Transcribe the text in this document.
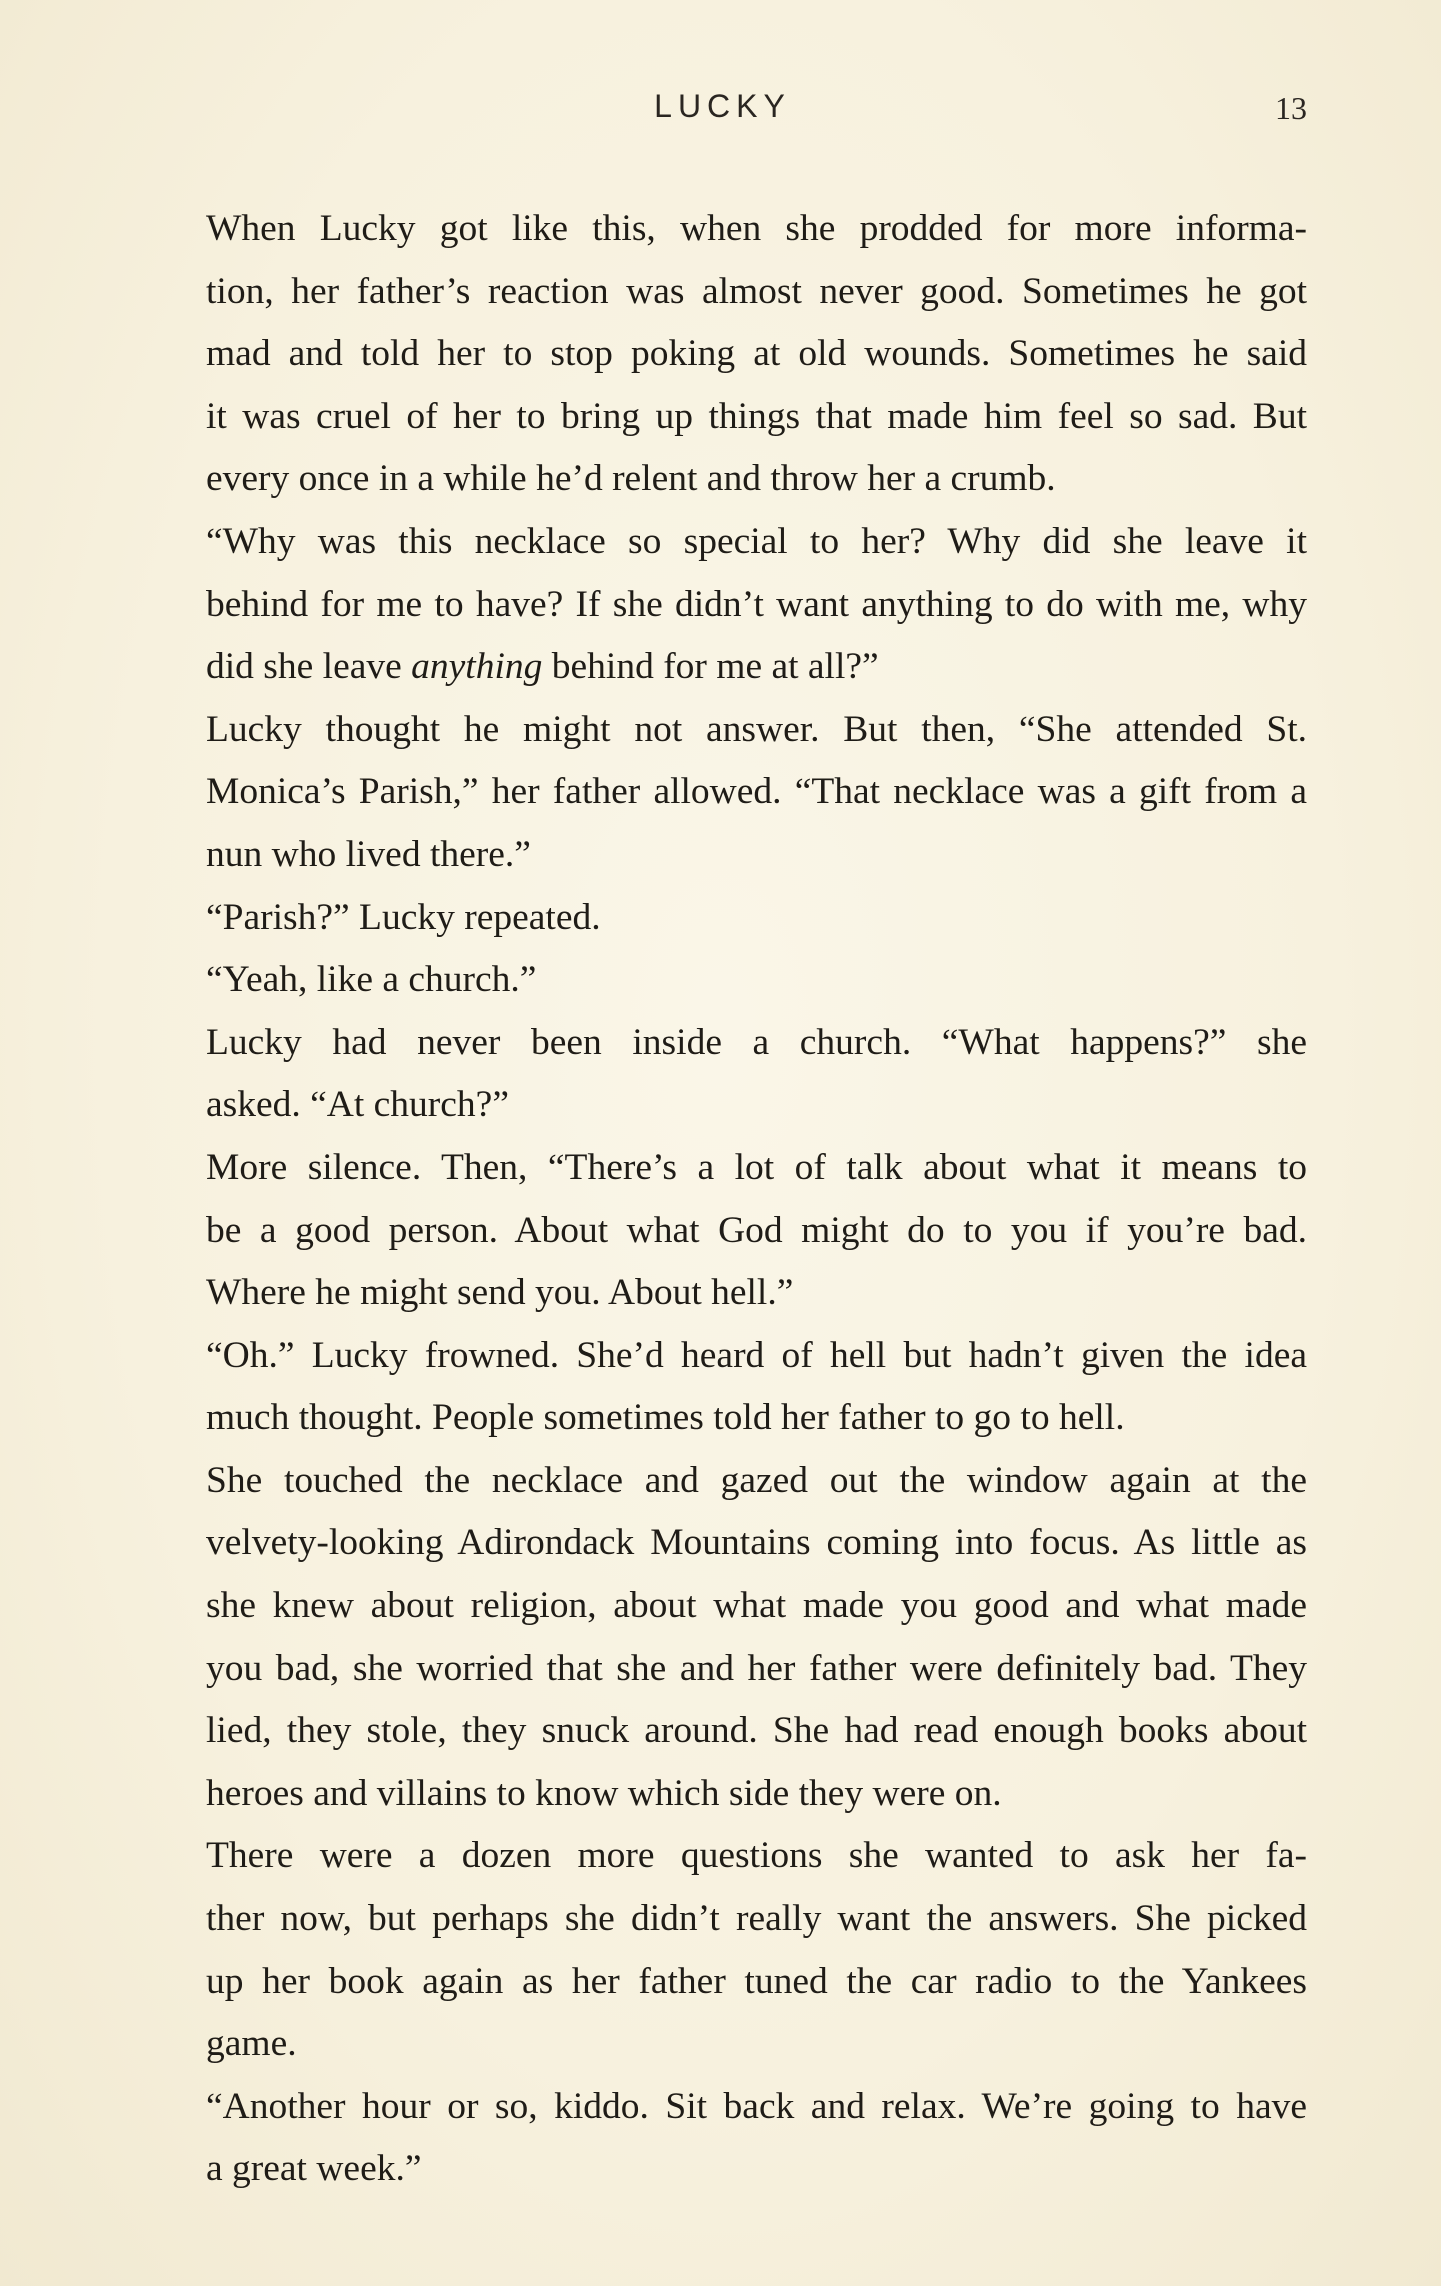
LUCKY	13

When Lucky got like this, when she prodded for more informa-
tion, her father’s reaction was almost never good. Sometimes he got
mad and told her to stop poking at old wounds. Sometimes he said
it was cruel of her to bring up things that made him feel so sad. But
every once in a while he’d relent and throw her a crumb.

“Why was this necklace so special to her? Why did she leave it
behind for me to have? If she didn’t want anything to do with me, why
did she leave anything behind for me at all?”

Lucky thought he might not answer. But then, “She attended St.
Monica’s Parish,” her father allowed. “That necklace was a gift from a
nun who lived there.”

“Parish?” Lucky repeated.

“Yeah, like a church.”

Lucky had never been inside a church. “What happens?” she
asked. “At church?”

More silence. Then, “There’s a lot of talk about what it means to
be a good person. About what God might do to you if you’re bad.
Where he might send you. About hell.”

“Oh.” Lucky frowned. She’d heard of hell but hadn’t given the idea
much thought. People sometimes told her father to go to hell.

She touched the necklace and gazed out the window again at the
velvety-looking Adirondack Mountains coming into focus. As little as
she knew about religion, about what made you good and what made
you bad, she worried that she and her father were definitely bad. They
lied, they stole, they snuck around. She had read enough books about
heroes and villains to know which side they were on.

There were a dozen more questions she wanted to ask her fa-
ther now, but perhaps she didn’t really want the answers. She picked
up her book again as her father tuned the car radio to the Yankees
game.

“Another hour or so, kiddo. Sit back and relax. We’re going to have
a great week.”
